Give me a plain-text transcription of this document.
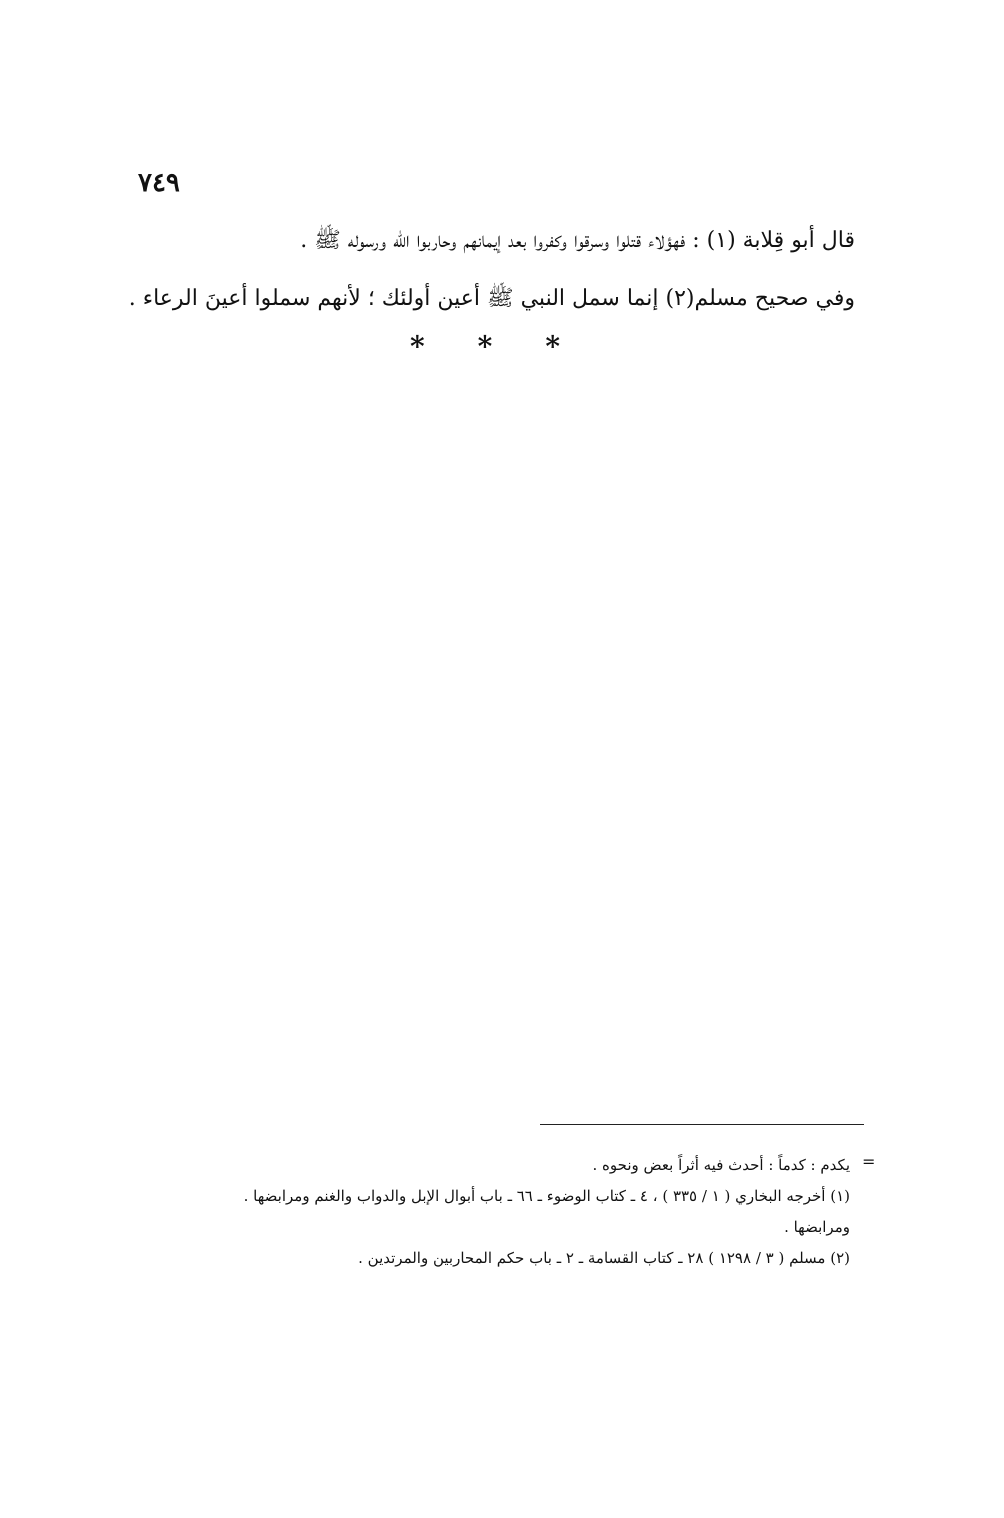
٧٤٩

قال أبو قِلابة (١) : فهؤلاء قتلوا وسرقوا وكفروا بعد إيمانهم وحاربوا الله ورسوله ﷺ .

وفي صحيح مسلم(٢) إنما سمل النبي ﷺ أعين أولئك ؛ لأنهم سملوا أعينَ الرعاء .

* * *
=

يكدم : كدماً : أحدث فيه أثراً بعض ونحوه .

(١) أخرجه البخاري ( ١ / ٣٣٥ ) ، ٤ ـ كتاب الوضوء ـ ٦٦ ـ باب أبوال الإبل والدواب والغنم ومرابضها .

ومرابضها .

(٢) مسلم ( ٣ / ١٢٩٨ ) ٢٨ ـ كتاب القسامة ـ ٢ ـ باب حكم المحاربين والمرتدين .
